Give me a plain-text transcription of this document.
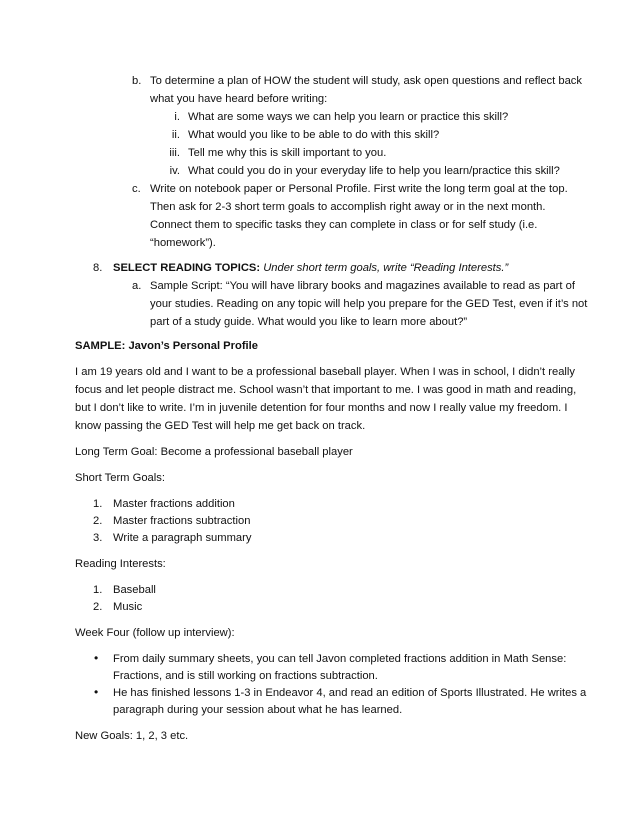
b. To determine a plan of HOW the student will study, ask open questions and reflect back
what you have heard before writing:
i. What are some ways we can help you learn or practice this skill?
ii. What would you like to be able to do with this skill?
iii. Tell me why this is skill important to you.
iv. What could you do in your everyday life to help you learn/practice this skill?
c. Write on notebook paper or Personal Profile. First write the long term goal at the top.
Then ask for 2-3 short term goals to accomplish right away or in the next month.
Connect them to specific tasks they can complete in class or for self study (i.e.
“homework”).
8. SELECT READING TOPICS: Under short term goals, write “Reading Interests.”
a. Sample Script: “You will have library books and magazines available to read as part of
your studies. Reading on any topic will help you prepare for the GED Test, even if it’s not
part of a study guide. What would you like to learn more about?”
SAMPLE: Javon’s Personal Profile
I am 19 years old and I want to be a professional baseball player. When I was in school, I didn’t really
focus and let people distract me. School wasn’t that important to me. I was good in math and reading,
but I don’t like to write. I’m in juvenile detention for four months and now I really value my freedom. I
know passing the GED Test will help me get back on track.
Long Term Goal: Become a professional baseball player
Short Term Goals:
1. Master fractions addition
2. Master fractions subtraction
3. Write a paragraph summary
Reading Interests:
1. Baseball
2. Music
Week Four (follow up interview):
• From daily summary sheets, you can tell Javon completed fractions addition in Math Sense:
Fractions, and is still working on fractions subtraction.
• He has finished lessons 1-3 in Endeavor 4, and read an edition of Sports Illustrated. He writes a
paragraph during your session about what he has learned.
New Goals: 1, 2, 3 etc.
